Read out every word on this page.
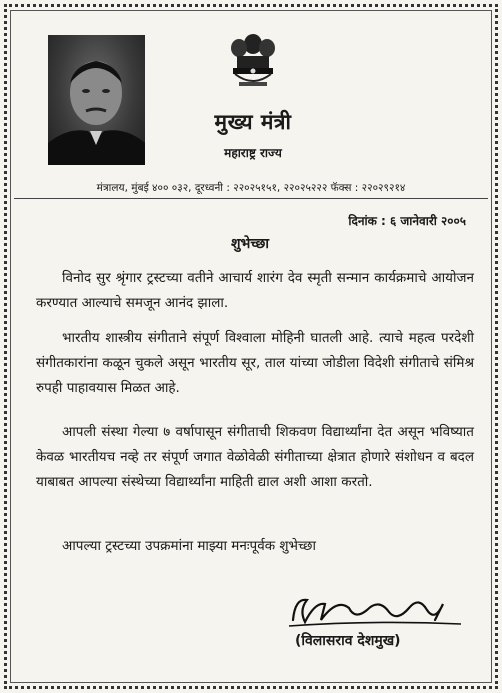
मुख्य मंत्री
महाराष्ट्र राज्य
मंत्रालय, मुंबई ४०० ०३२, दूरध्वनी : २२०२५१५१, २२०२५२२२ फॅक्स : २२०२९२१४
दिनांक : ६ जानेवारी २००५
शुभेच्छा
विनोद सुर श्रृंगार ट्रस्टच्या वतीने आचार्य शारंग देव स्मृती सन्मान कार्यक्रमाचे आयोजन करण्यात आल्याचे समजून आनंद झाला.
भारतीय शास्त्रीय संगीताने संपूर्ण विश्वाला मोहिनी घातली आहे. त्याचे महत्व परदेशी संगीतकारांना कळून चुकले असून भारतीय सूर, ताल यांच्या जोडीला विदेशी संगीताचे संमिश्र रुपही पाहावयास मिळत आहे.
आपली संस्था गेल्या ७ वर्षापासून संगीताची शिकवण विद्यार्थ्यांना देत असून भविष्यात केवळ भारतीयच नव्हे तर संपूर्ण जगात वेळोवेळी संगीताच्या क्षेत्रात होणारे संशोधन व बदल याबाबत आपल्या संस्थेच्या विद्यार्थ्यांना माहिती द्याल अशी आशा करतो.
आपल्या ट्रस्टच्या उपक्रमांना माझ्या मनःपूर्वक शुभेच्छा
(विलासराव देशमुख)
